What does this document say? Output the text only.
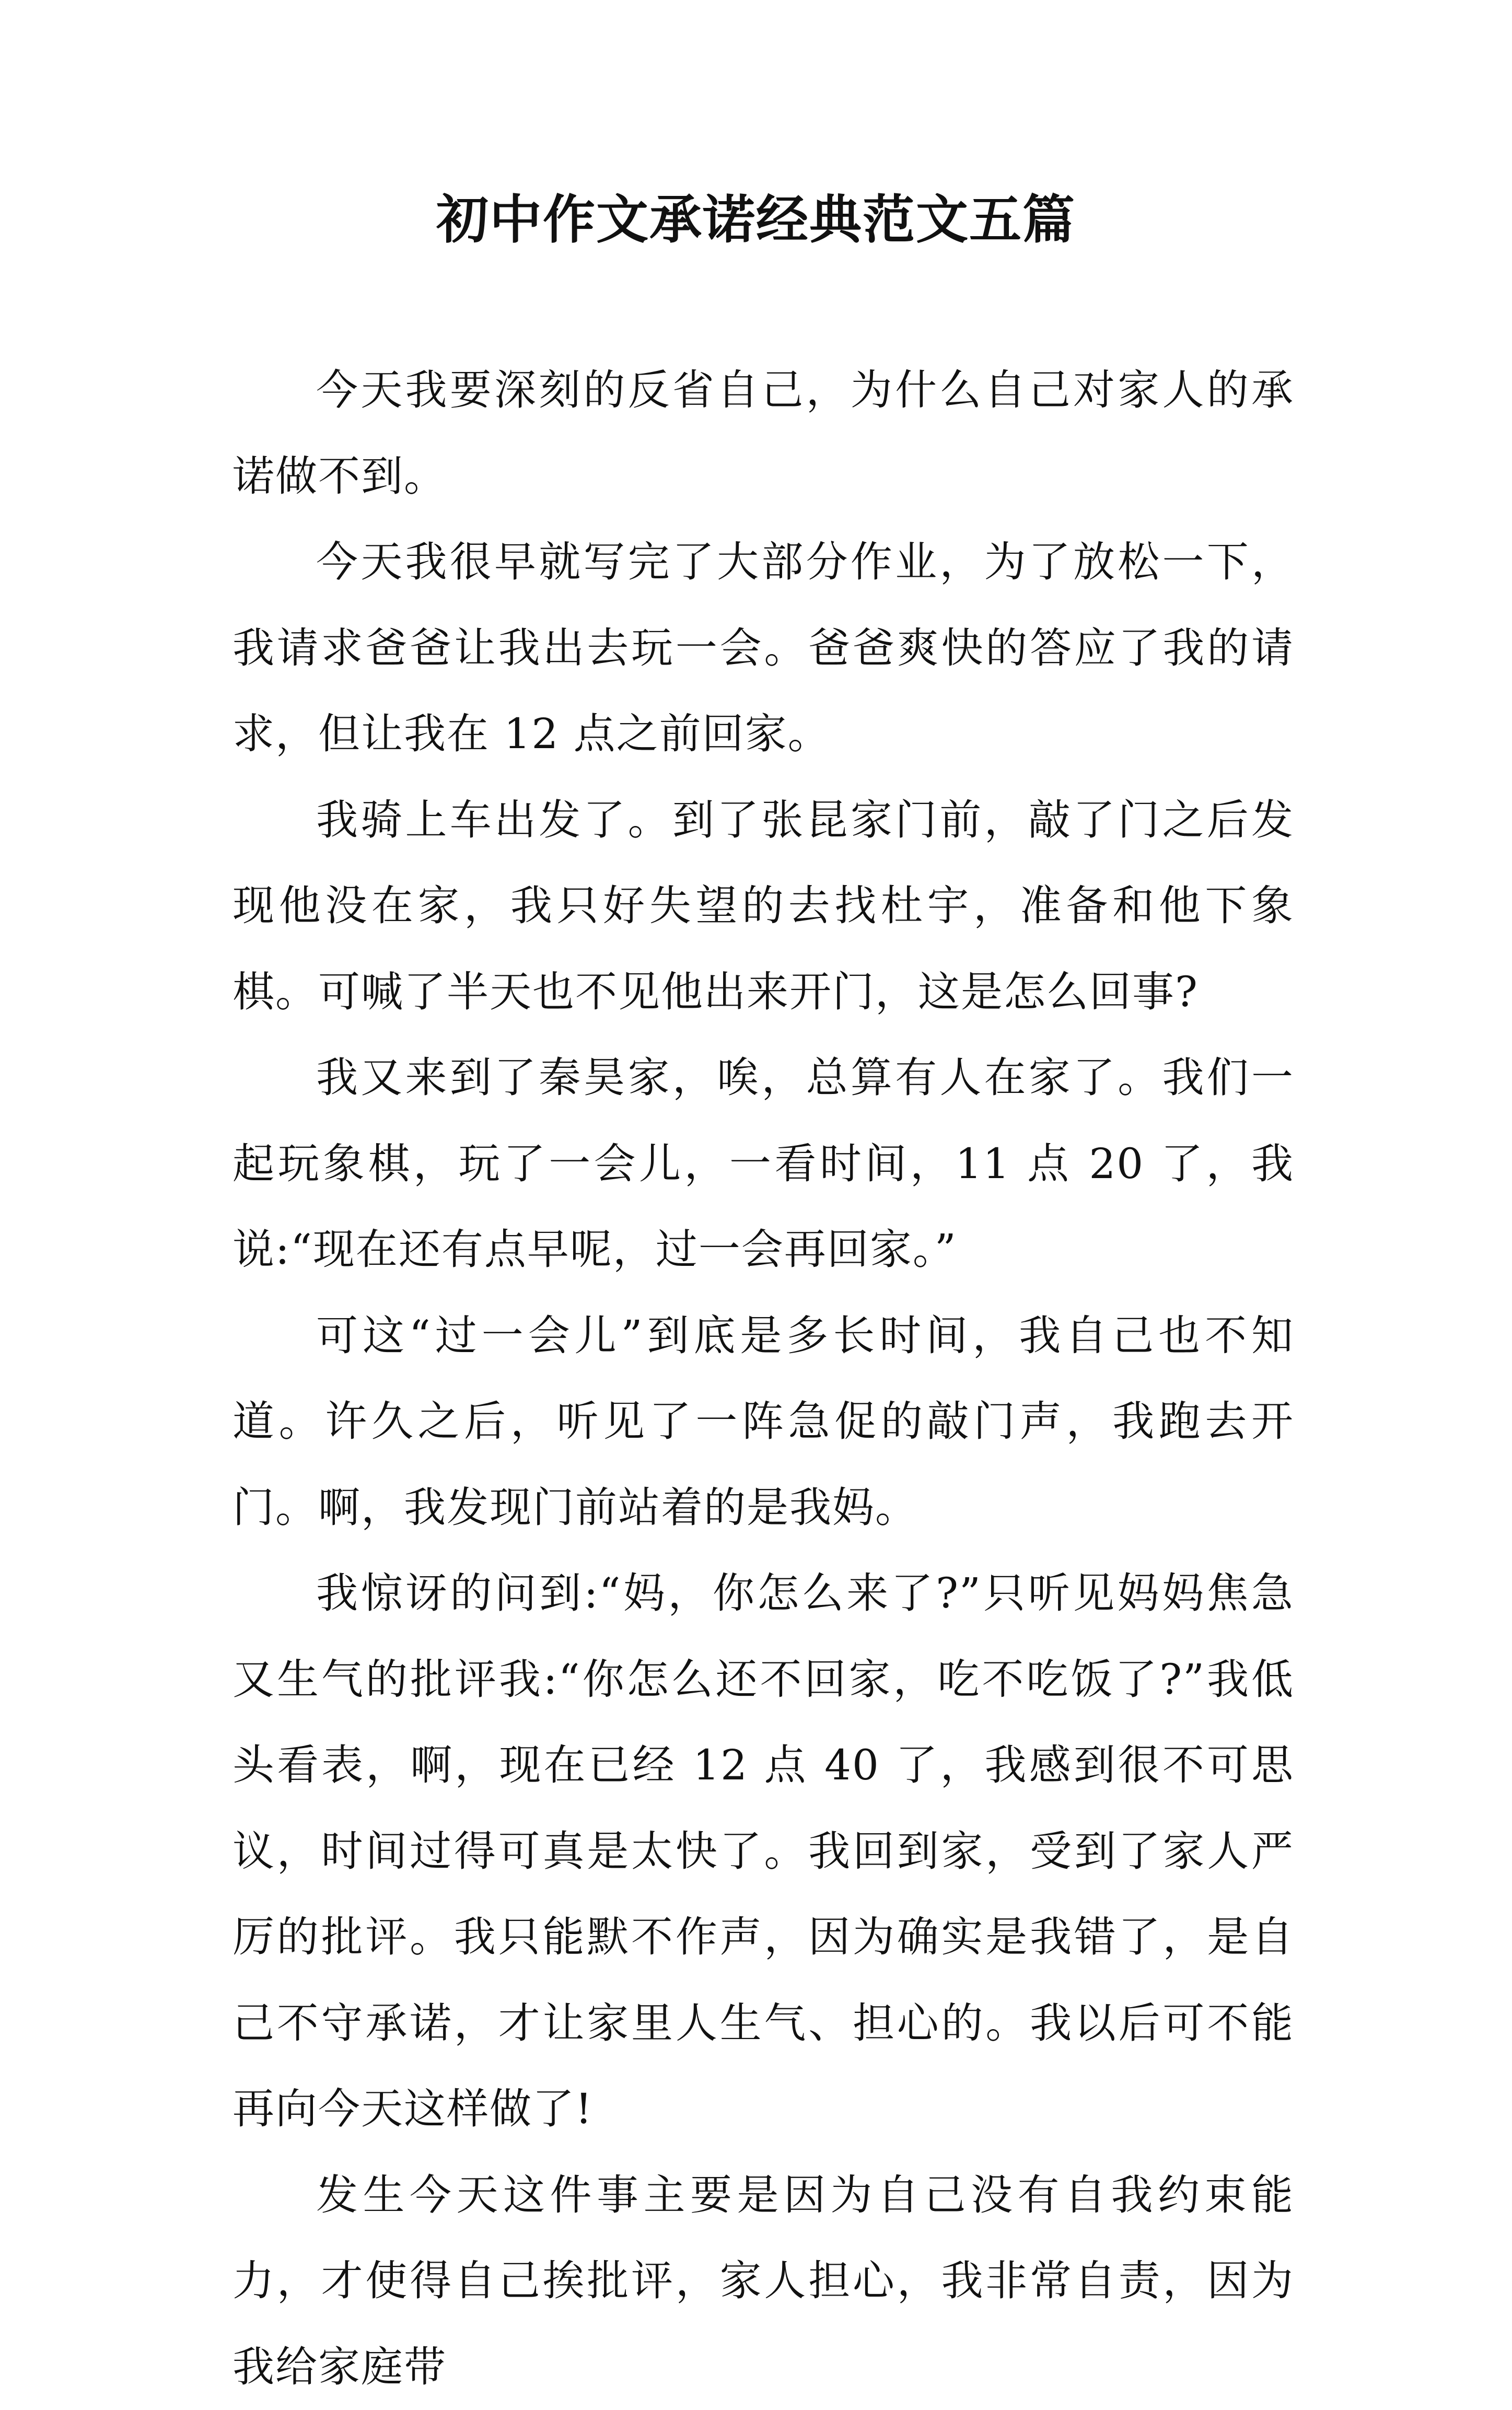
初中作文承诺经典范文五篇

今天我要深刻的反省自己，为什么自己对家人的承诺做不到。

今天我很早就写完了大部分作业，为了放松一下，我请求爸爸让我出去玩一会。爸爸爽快的答应了我的请求，但让我在 12 点之前回家。

我骑上车出发了。到了张昆家门前，敲了门之后发现他没在家，我只好失望的去找杜宇，准备和他下象棋。可喊了半天也不见他出来开门，这是怎么回事?

我又来到了秦昊家，唉，总算有人在家了。我们一起玩象棋，玩了一会儿，一看时间，11 点 20 了，我说:“现在还有点早呢，过一会再回家。”

可这“过一会儿”到底是多长时间，我自己也不知道。许久之后，听见了一阵急促的敲门声，我跑去开门。啊，我发现门前站着的是我妈。

我惊讶的问到:“妈，你怎么来了?”只听见妈妈焦急又生气的批评我:“你怎么还不回家，吃不吃饭了?”我低头看表，啊，现在已经 12 点 40 了，我感到很不可思议，时间过得可真是太快了。我回到家，受到了家人严厉的批评。我只能默不作声，因为确实是我错了，是自己不守承诺，才让家里人生气、担心的。我以后可不能再向今天这样做了!

发生今天这件事主要是因为自己没有自我约束能力，才使得自己挨批评，家人担心，我非常自责，因为我给家庭带
